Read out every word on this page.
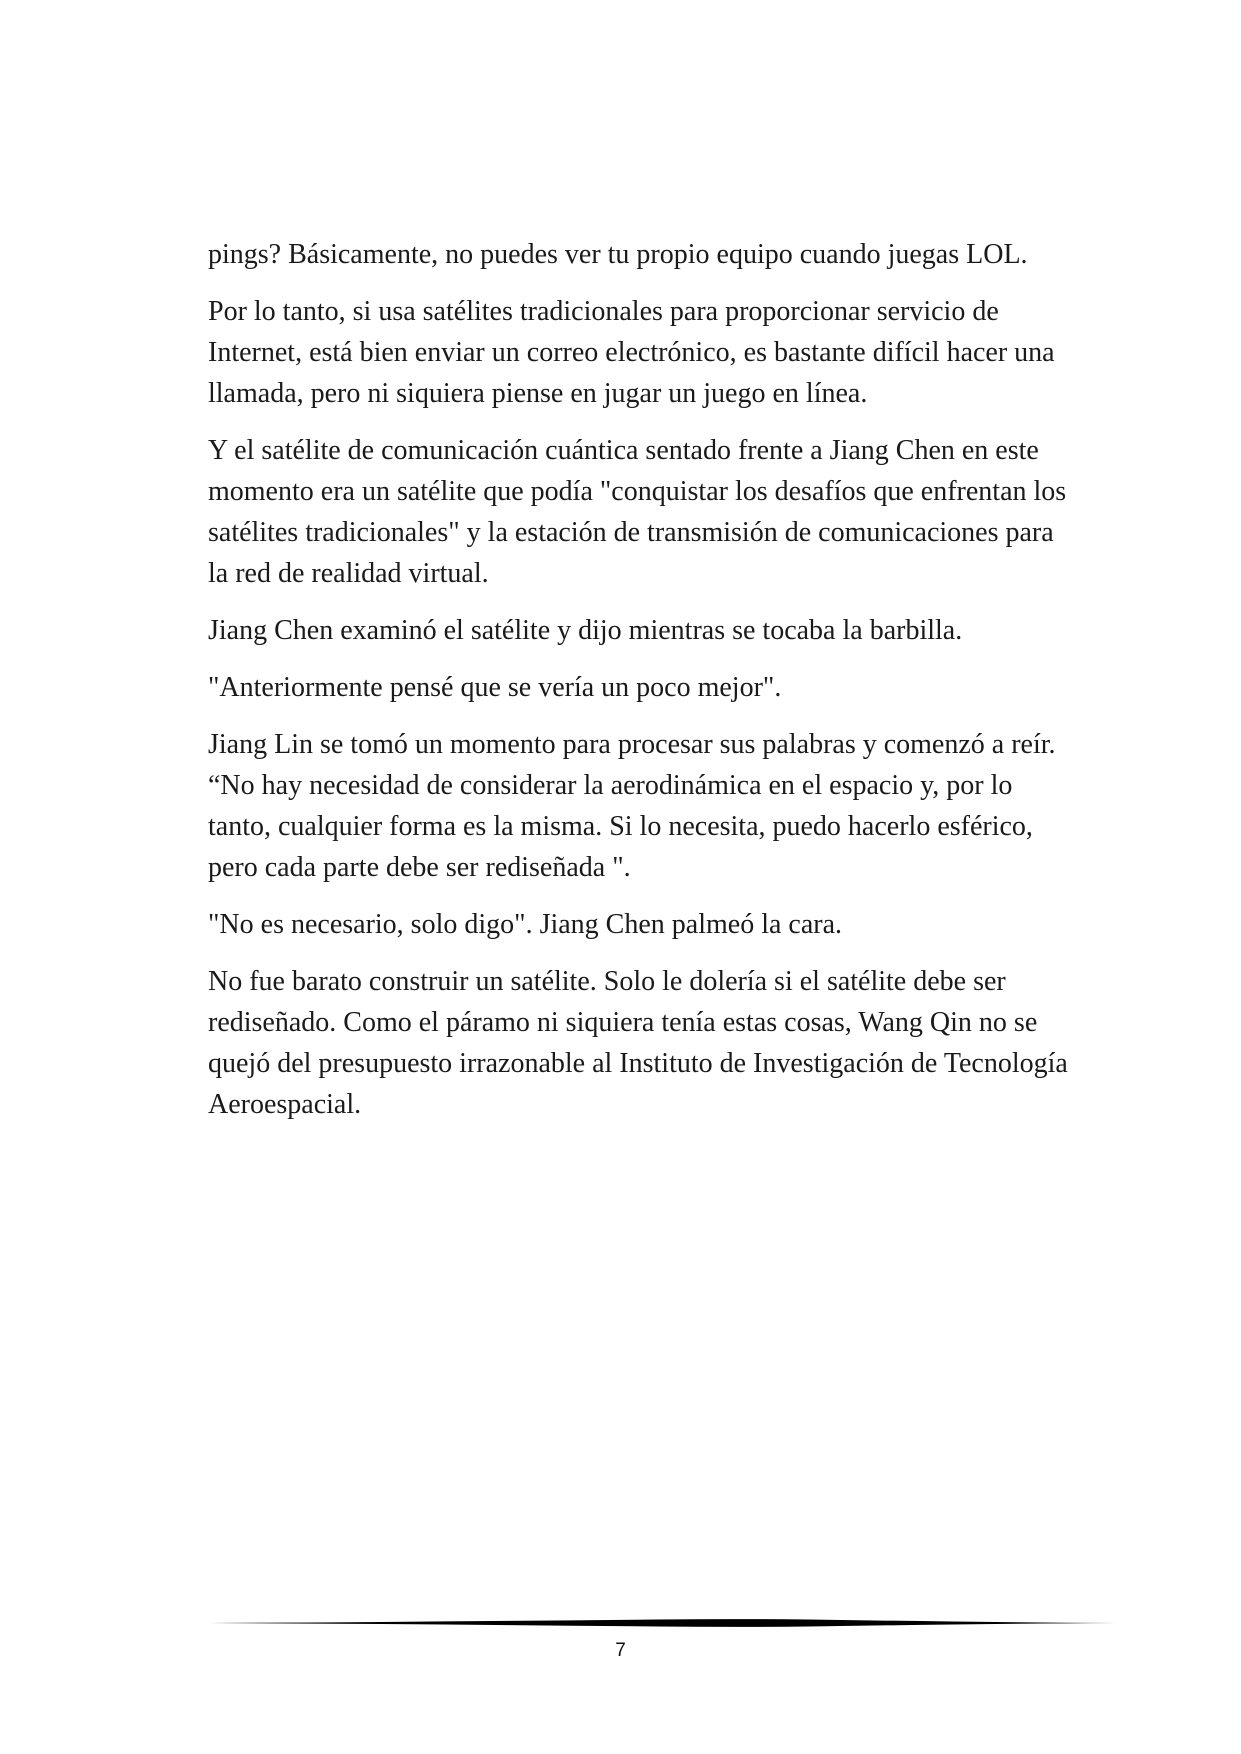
pings? Básicamente, no puedes ver tu propio equipo cuando juegas LOL.

Por lo tanto, si usa satélites tradicionales para proporcionar servicio de Internet, está bien enviar un correo electrónico, es bastante difícil hacer una llamada, pero ni siquiera piense en jugar un juego en línea.

Y el satélite de comunicación cuántica sentado frente a Jiang Chen en este momento era un satélite que podía "conquistar los desafíos que enfrentan los satélites tradicionales" y la estación de transmisión de comunicaciones para la red de realidad virtual.

Jiang Chen examinó el satélite y dijo mientras se tocaba la barbilla.

"Anteriormente pensé que se vería un poco mejor".

Jiang Lin se tomó un momento para procesar sus palabras y comenzó a reír. “No hay necesidad de considerar la aerodinámica en el espacio y, por lo tanto, cualquier forma es la misma. Si lo necesita, puedo hacerlo esférico, pero cada parte debe ser rediseñada ".

"No es necesario, solo digo". Jiang Chen palmeó la cara.

No fue barato construir un satélite. Solo le dolería si el satélite debe ser rediseñado. Como el páramo ni siquiera tenía estas cosas, Wang Qin no se quejó del presupuesto irrazonable al Instituto de Investigación de Tecnología Aeroespacial.

7
